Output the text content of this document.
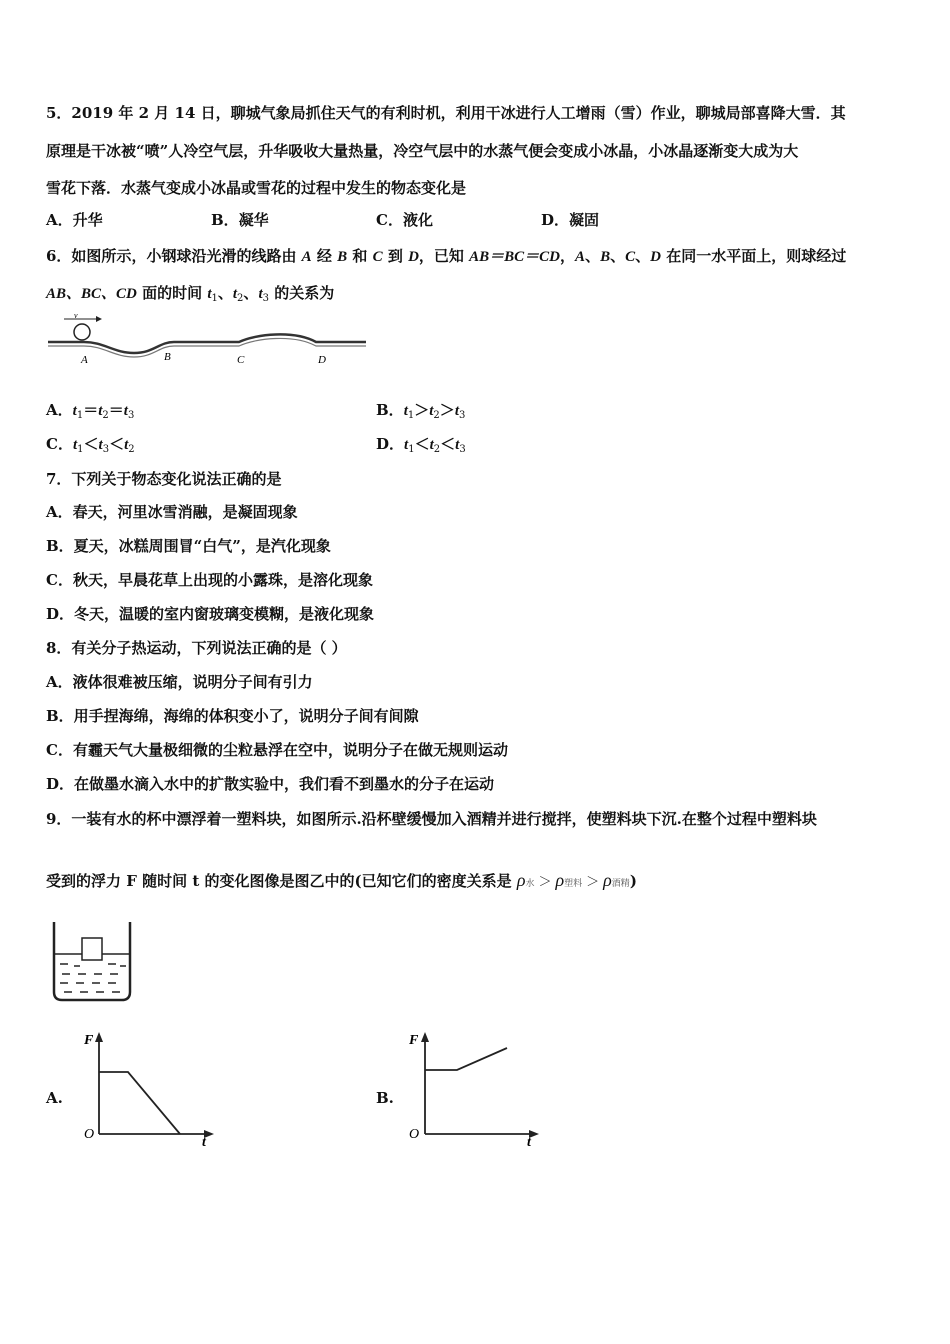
5．2019 年 2 月 14 日，聊城气象局抓住天气的有利时机，利用干冰进行人工增雨（雪）作业，聊城局部喜降大雪．其
原理是干冰被“喷”人冷空气层，升华吸收大量热量，冷空气层中的水蒸气便会变成小冰晶，小冰晶逐渐变大成为大
雪花下落．水蒸气变成小冰晶或雪花的过程中发生的物态变化是
A．升华	B．凝华	C．液化	D．凝固
6．如图所示，小钢球沿光滑的线路由 A 经 B 和 C 到 D，已知 AB＝BC＝CD，A、B、C、D 在同一水平面上，则球经过
AB、BC、CD 面的时间 $t_1$、$t_2$、$t_3$ 的关系为
v
A	B	C	D
A．$t_1=t_2=t_3$	B．$t_1>t_2>t_3$
C．$t_1<t_3<t_2$	D．$t_1<t_2<t_3$
7．下列关于物态变化说法正确的是
A．春天，河里冰雪消融，是凝固现象
B．夏天，冰糕周围冒“白气”，是汽化现象
C．秋天，早晨花草上出现的小露珠，是溶化现象
D．冬天，温暖的室内窗玻璃变模糊，是液化现象
8．有关分子热运动，下列说法正确的是（ ）
A．液体很难被压缩，说明分子间有引力
B．用手捏海绵，海绵的体积变小了，说明分子间有间隙
C．有霾天气大量极细微的尘粒悬浮在空中，说明分子在做无规则运动
D．在做墨水滴入水中的扩散实验中，我们看不到墨水的分子在运动
9．一装有水的杯中漂浮着一塑料块，如图所示.沿杯壁缓慢加入酒精并进行搅拌，使塑料块下沉.在整个过程中塑料块
受到的浮力 F 随时间 t 的变化图像是图乙中的(已知它们的密度关系是 ρ水 ＞ ρ塑料 ＞ ρ酒精)
A.
F
O
t
B.
F
O
t
